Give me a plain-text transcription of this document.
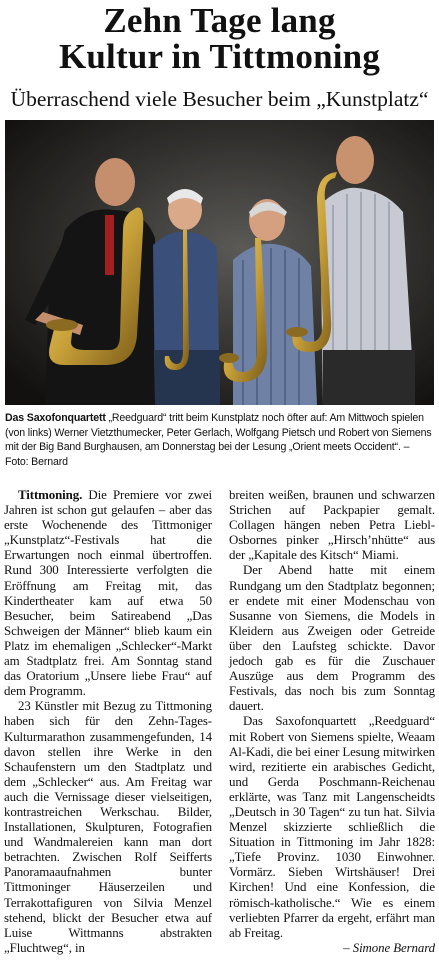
Zehn Tage lang
Kultur in Tittmoning
Überraschend viele Besucher beim „Kunstplatz“
Das Saxofonquartett „Reedguard“ tritt beim Kunstplatz noch öfter auf: Am Mittwoch spielen (von links) Werner Vietzthumecker, Peter Gerlach, Wolfgang Pietsch und Robert von Siemens mit der Big Band Burghausen, am Donnerstag bei der Lesung „Orient meets Occident“. – Foto: Bernard

Tittmoning. Die Premiere vor zwei Jahren ist schon gut gelaufen – aber das erste Wochenende des Tittmoniger „Kunstplatz“-Festivals hat die Erwartungen noch einmal übertroffen. Rund 300 Interessierte verfolgten die Eröffnung am Freitag mit, das Kindertheater kam auf etwa 50 Besucher, beim Satireabend „Das Schweigen der Männer“ blieb kaum ein Platz im ehemaligen „Schlecker“-Markt am Stadtplatz frei. Am Sonntag stand das Oratorium „Unsere liebe Frau“ auf dem Programm.

23 Künstler mit Bezug zu Tittmoning haben sich für den Zehn-Tages-Kulturmarathon zusammengefunden, 14 davon stellen ihre Werke in den Schaufenstern um den Stadtplatz und dem „Schlecker“ aus. Am Freitag war auch die Vernissage dieser vielseitigen, kontrastreichen Werkschau. Bilder, Installationen, Skulpturen, Fotografien und Wandmalereien kann man dort betrachten. Zwischen Rolf Seifferts Panoramaaufnahmen bunter Tittmoninger Häuserzeilen und Terrakottafiguren von Silvia Menzel stehend, blickt der Besucher etwa auf Luise Wittmanns abstrakten „Fluchtweg“, in

breiten weißen, braunen und schwarzen Strichen auf Packpapier gemalt. Collagen hängen neben Petra Liebl-Osbornes pinker „Hirsch’nhütte“ aus der „Kapitale des Kitsch“ Miami.

Der Abend hatte mit einem Rundgang um den Stadtplatz begonnen; er endete mit einer Modenschau von Susanne von Siemens, die Models in Kleidern aus Zweigen oder Getreide über den Laufsteg schickte. Davor jedoch gab es für die Zuschauer Auszüge aus dem Programm des Festivals, das noch bis zum Sonntag dauert.

Das Saxofonquartett „Reedguard“ mit Robert von Siemens spielte, Weaam Al-Kadi, die bei einer Lesung mitwirken wird, rezitierte ein arabisches Gedicht, und Gerda Poschmann-Reichenau erklärte, was Tanz mit Langenscheidts „Deutsch in 30 Tagen“ zu tun hat. Silvia Menzel skizzierte schließlich die Situation in Tittmoning im Jahr 1828: „Tiefe Provinz. 1030 Einwohner. Vormärz. Sieben Wirtshäuser! Drei Kirchen! Und eine Konfession, die römisch-katholische.“ Wie es einem verliebten Pfarrer da ergeht, erfährt man ab Freitag.

– Simone Bernard
